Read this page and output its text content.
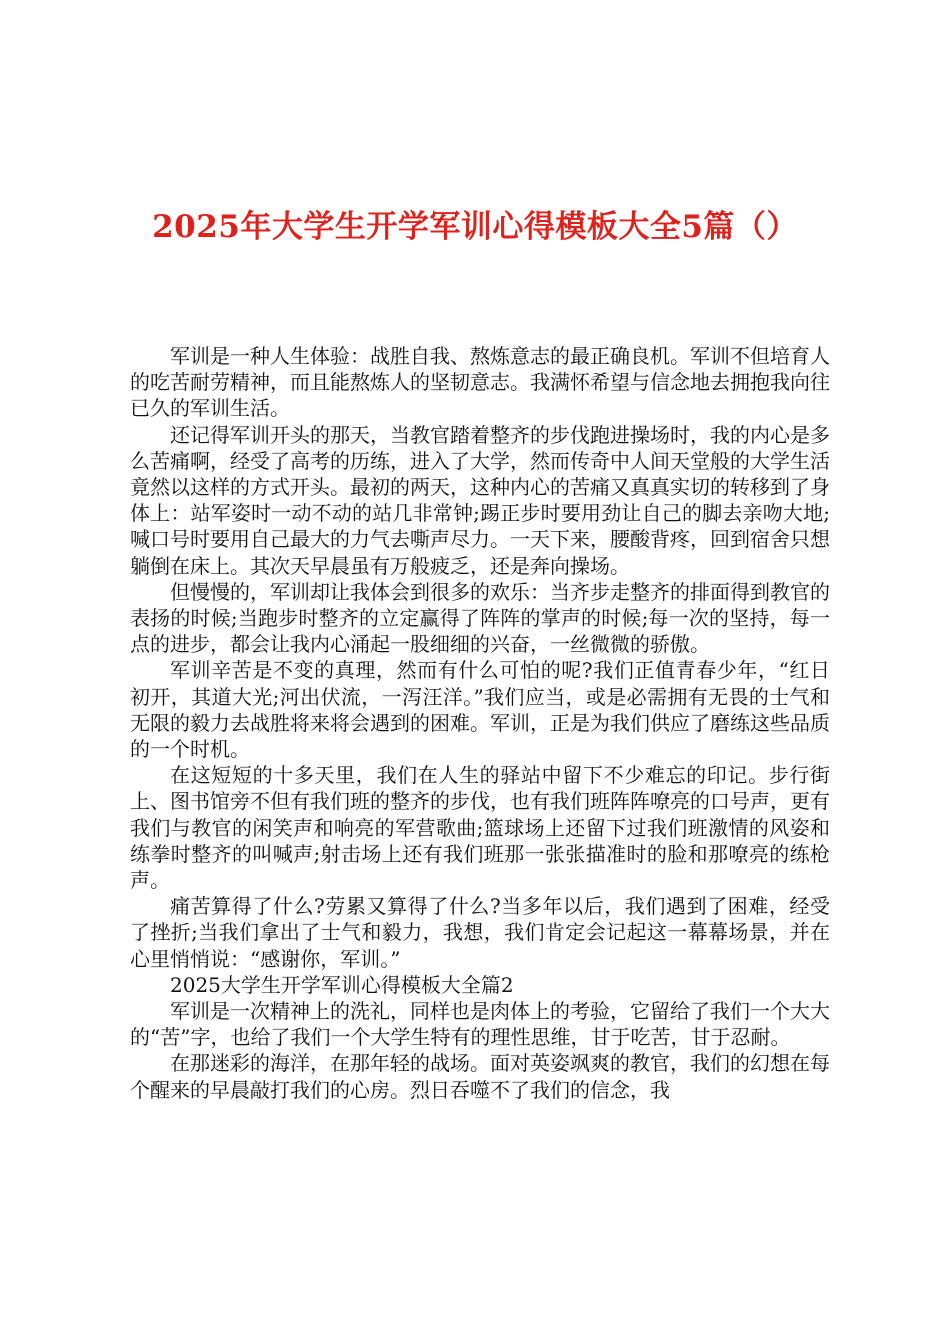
2025年大学生开学军训心得模板大全5篇（）

军训是一种人生体验：战胜自我、熬炼意志的最正确良机。军训不但培育人的吃苦耐劳精神，而且能熬炼人的坚韧意志。我满怀希望与信念地去拥抱我向往已久的军训生活。

还记得军训开头的那天，当教官踏着整齐的步伐跑进操场时，我的内心是多么苦痛啊，经受了高考的历练，进入了大学，然而传奇中人间天堂般的大学生活竟然以这样的方式开头。最初的两天，这种内心的苦痛又真真实切的转移到了身体上：站军姿时一动不动的站几非常钟;踢正步时要用劲让自己的脚去亲吻大地;喊口号时要用自己最大的力气去嘶声尽力。一天下来，腰酸背疼，回到宿舍只想躺倒在床上。其次天早晨虽有万般疲乏，还是奔向操场。

但慢慢的，军训却让我体会到很多的欢乐：当齐步走整齐的排面得到教官的表扬的时候;当跑步时整齐的立定赢得了阵阵的掌声的时候;每一次的坚持，每一点的进步，都会让我内心涌起一股细细的兴奋，一丝微微的骄傲。

军训辛苦是不变的真理，然而有什么可怕的呢?我们正值青春少年，“红日初开，其道大光;河出伏流，一泻汪洋。”我们应当，或是必需拥有无畏的士气和无限的毅力去战胜将来将会遇到的困难。军训，正是为我们供应了磨练这些品质的一个时机。

在这短短的十多天里，我们在人生的驿站中留下不少难忘的印记。步行街上、图书馆旁不但有我们班的整齐的步伐，也有我们班阵阵嘹亮的口号声，更有我们与教官的闲笑声和响亮的军营歌曲;篮球场上还留下过我们班激情的风姿和练拳时整齐的叫喊声;射击场上还有我们班那一张张描准时的脸和那嘹亮的练枪声。

痛苦算得了什么?劳累又算得了什么?当多年以后，我们遇到了困难，经受了挫折;当我们拿出了士气和毅力，我想，我们肯定会记起这一幕幕场景，并在心里悄悄说：“感谢你，军训。”

2025大学生开学军训心得模板大全篇2

军训是一次精神上的洗礼，同样也是肉体上的考验，它留给了我们一个大大的“苦”字，也给了我们一个大学生特有的理性思维，甘于吃苦，甘于忍耐。

在那迷彩的海洋，在那年轻的战场。面对英姿飒爽的教官，我们的幻想在每个醒来的早晨敲打我们的心房。烈日吞噬不了我们的信念，我
